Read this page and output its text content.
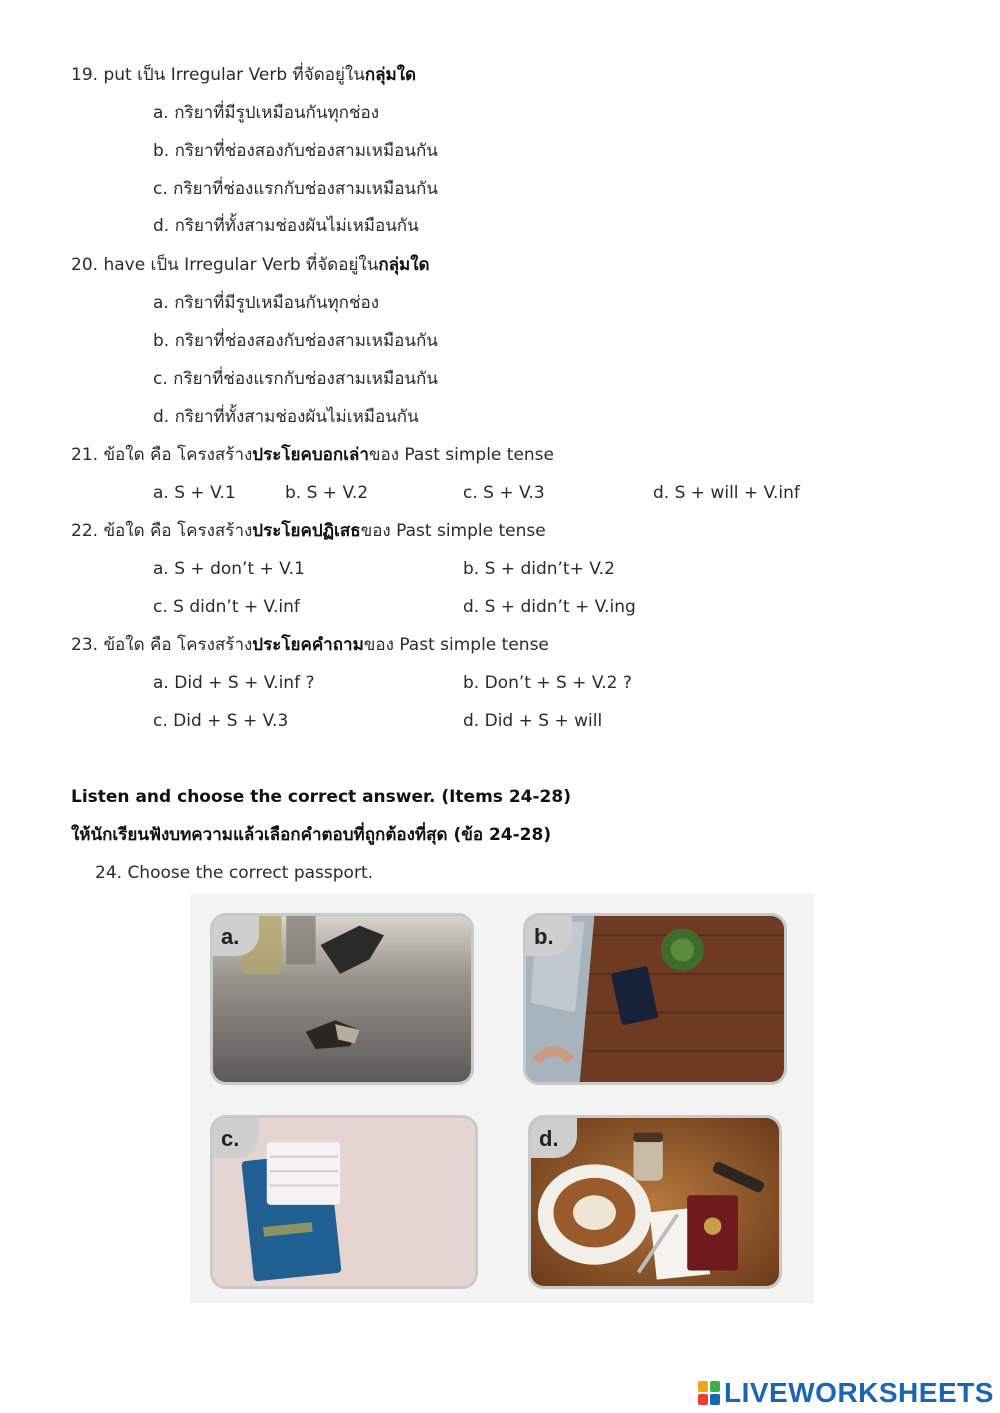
19. put เป็น Irregular Verb ที่จัดอยู่ในกลุ่มใด
a. กริยาที่มีรูปเหมือนกันทุกช่อง
b. กริยาที่ช่องสองกับช่องสามเหมือนกัน
c. กริยาที่ช่องแรกกับช่องสามเหมือนกัน
d. กริยาที่ทั้งสามช่องผันไม่เหมือนกัน
20. have เป็น Irregular Verb ที่จัดอยู่ในกลุ่มใด
a. กริยาที่มีรูปเหมือนกันทุกช่อง
b. กริยาที่ช่องสองกับช่องสามเหมือนกัน
c. กริยาที่ช่องแรกกับช่องสามเหมือนกัน
d. กริยาที่ทั้งสามช่องผันไม่เหมือนกัน
21. ข้อใด คือ โครงสร้างประโยคบอกเล่าของ Past simple tense
a. S + V.1	b. S + V.2	c. S + V.3	d. S + will + V.inf
22. ข้อใด คือ โครงสร้างประโยคปฏิเสธของ Past simple tense
a. S + don’t + V.1	b. S + didn’t+ V.2
c. S didn’t + V.inf	d. S + didn’t + V.ing
23. ข้อใด คือ โครงสร้างประโยคคำถามของ Past simple tense
a. Did + S + V.inf ?	b. Don’t + S + V.2 ?
c. Did + S + V.3	d. Did + S + will
Listen and choose the correct answer. (Items 24-28)
ให้นักเรียนฟังบทความแล้วเลือกคำตอบที่ถูกต้องที่สุด (ข้อ 24-28)
24. Choose the correct passport.
a.	b.
c.	d.
LIVEWORKSHEETS
